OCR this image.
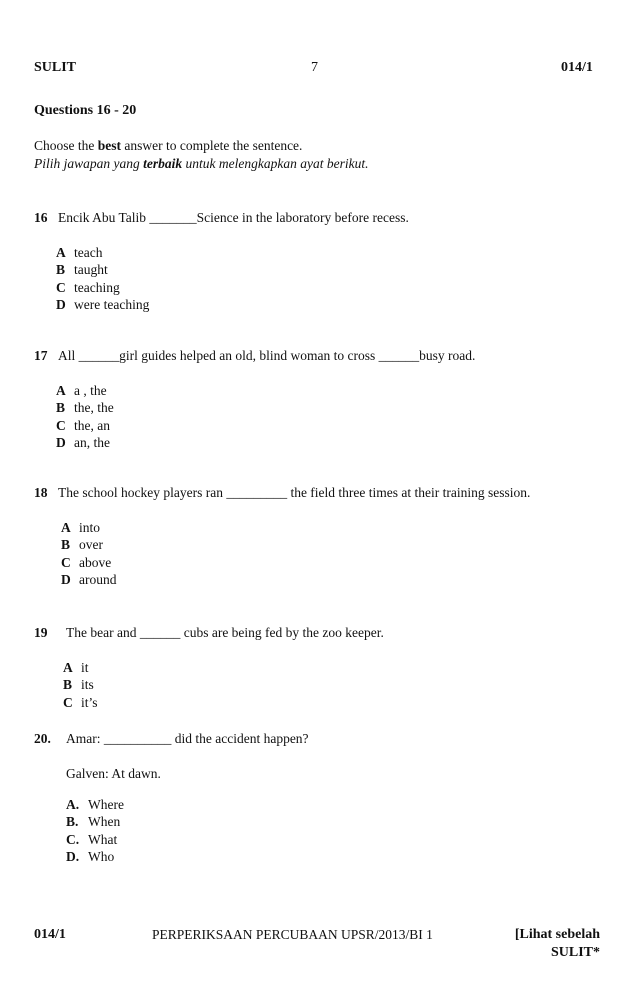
SULIT	7	014/1
Questions 16 - 20
Choose the best answer to complete the sentence.
Pilih jawapan yang terbaik untuk melengkapkan ayat berikut.
16 Encik Abu Talib _______Science in the laboratory before recess.
A teach
B taught
C teaching
D were teaching
17 All ______girl guides helped an old, blind woman to cross ______busy road.
A a , the
B the, the
C the, an
D an, the
18 The school hockey players ran _________ the field three times at their training session.
A into
B over
C above
D around
19 The bear and ______ cubs are being fed by the zoo keeper.
A it
B its
C it’s
20. Amar: __________ did the accident happen?
Galven: At dawn.
A. Where
B. When
C. What
D. Who
014/1	PERPERIKSAAN PERCUBAAN UPSR/2013/BI 1	[Lihat sebelah
SULIT*
